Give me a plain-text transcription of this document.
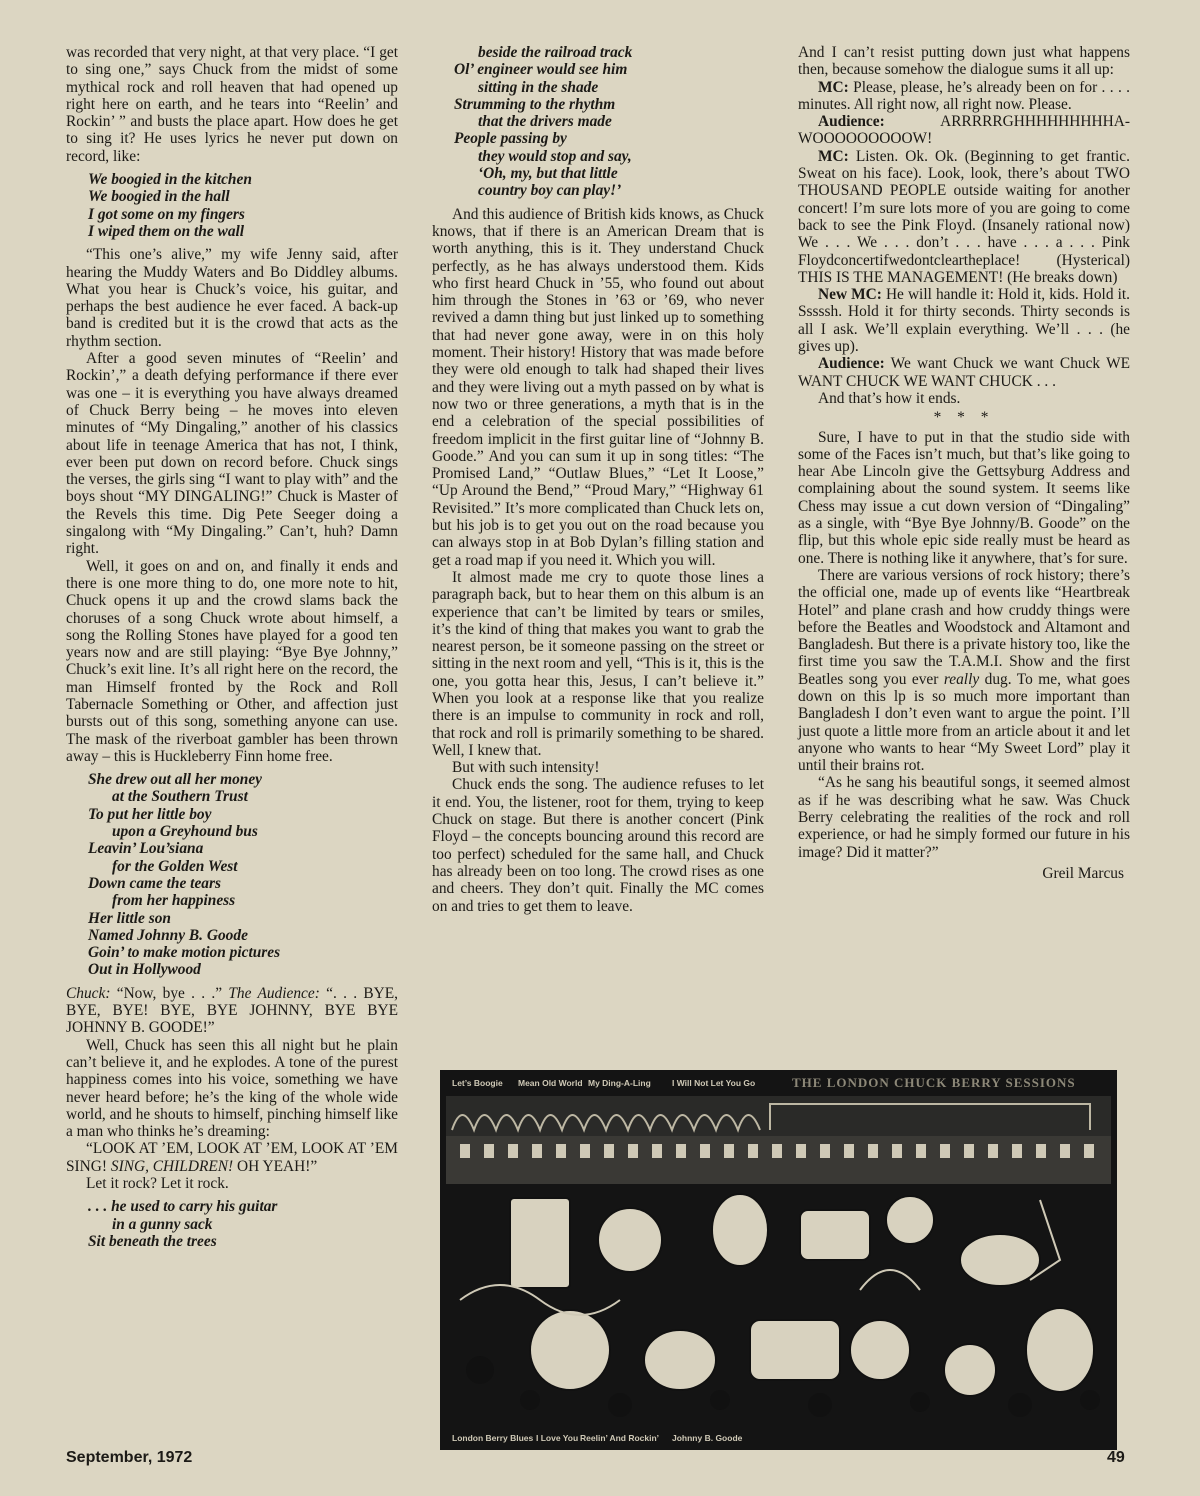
was recorded that very night, at that very place. “I get to sing one,” says Chuck from the midst of some mythical rock and roll heaven that had opened up right here on earth, and he tears into “Reelin’ and Rockin’ ” and busts the place apart. How does he get to sing it? He uses lyrics he never put down on record, like:

We boogied in the kitchen
We boogied in the hall
I got some on my fingers
I wiped them on the wall

“This one’s alive,” my wife Jenny said, after hearing the Muddy Waters and Bo Diddley albums. What you hear is Chuck’s voice, his guitar, and perhaps the best audience he ever faced. A back-up band is credited but it is the crowd that acts as the rhythm section.

After a good seven minutes of “Reelin’ and Rockin’,” a death defying performance if there ever was one – it is everything you have always dreamed of Chuck Berry being – he moves into eleven minutes of “My Dingaling,” another of his classics about life in teenage America that has not, I think, ever been put down on record before. Chuck sings the verses, the girls sing “I want to play with” and the boys shout “MY DINGALING!” Chuck is Master of the Revels this time. Dig Pete Seeger doing a singalong with “My Dingaling.” Can’t, huh? Damn right.

Well, it goes on and on, and finally it ends and there is one more thing to do, one more note to hit, Chuck opens it up and the crowd slams back the choruses of a song Chuck wrote about himself, a song the Rolling Stones have played for a good ten years now and are still playing: “Bye Bye Johnny,” Chuck’s exit line. It’s all right here on the record, the man Himself fronted by the Rock and Roll Tabernacle Something or Other, and affection just bursts out of this song, something anyone can use. The mask of the riverboat gambler has been thrown away – this is Huckleberry Finn home free.

She drew out all her money
at the Southern Trust
To put her little boy
upon a Greyhound bus
Leavin’ Lou’siana
for the Golden West
Down came the tears
from her happiness
Her little son
Named Johnny B. Goode
Goin’ to make motion pictures
Out in Hollywood

Chuck: “Now, bye . . .” The Audience: “. . . BYE, BYE, BYE! BYE, BYE JOHNNY, BYE BYE JOHNNY B. GOODE!”

Well, Chuck has seen this all night but he plain can’t believe it, and he explodes. A tone of the purest happiness comes into his voice, something we have never heard before; he’s the king of the whole wide world, and he shouts to himself, pinching himself like a man who thinks he’s dreaming:

“LOOK AT ’EM, LOOK AT ’EM, LOOK AT ’EM SING! SING, CHILDREN! OH YEAH!”

Let it rock? Let it rock.

. . . he used to carry his guitar
in a gunny sack
Sit beneath the trees
beside the railroad track
Ol’ engineer would see him
sitting in the shade
Strumming to the rhythm
that the drivers made
People passing by
they would stop and say,
‘Oh, my, but that little
country boy can play!’

And this audience of British kids knows, as Chuck knows, that if there is an American Dream that is worth anything, this is it. They understand Chuck perfectly, as he has always understood them. Kids who first heard Chuck in ’55, who found out about him through the Stones in ’63 or ’69, who never revived a damn thing but just linked up to something that had never gone away, were in on this holy moment. Their history! History that was made before they were old enough to talk had shaped their lives and they were living out a myth passed on by what is now two or three generations, a myth that is in the end a celebration of the special possibilities of freedom implicit in the first guitar line of “Johnny B. Goode.” And you can sum it up in song titles: “The Promised Land,” “Outlaw Blues,” “Let It Loose,” “Up Around the Bend,” “Proud Mary,” “Highway 61 Revisited.” It’s more complicated than Chuck lets on, but his job is to get you out on the road because you can always stop in at Bob Dylan’s filling station and get a road map if you need it. Which you will.

It almost made me cry to quote those lines a paragraph back, but to hear them on this album is an experience that can’t be limited by tears or smiles, it’s the kind of thing that makes you want to grab the nearest person, be it someone passing on the street or sitting in the next room and yell, “This is it, this is the one, you gotta hear this, Jesus, I can’t believe it.” When you look at a response like that you realize there is an impulse to community in rock and roll, that rock and roll is primarily something to be shared. Well, I knew that.

But with such intensity!

Chuck ends the song. The audience refuses to let it end. You, the listener, root for them, trying to keep Chuck on stage. But there is another concert (Pink Floyd – the concepts bouncing around this record are too perfect) scheduled for the same hall, and Chuck has already been on too long. The crowd rises as one and cheers. They don’t quit. Finally the MC comes on and tries to get them to leave.

And I can’t resist putting down just what happens then, because somehow the dialogue sums it all up:

MC: Please, please, he’s already been on for . . . . minutes. All right now, all right now. Please.

Audience: ARRRRRGHHHHHHHHHA-WOOOOOOOOOW!

MC: Listen. Ok. Ok. (Beginning to get frantic. Sweat on his face). Look, look, there’s about TWO THOUSAND PEOPLE outside waiting for another concert! I’m sure lots more of you are going to come back to see the Pink Floyd. (Insanely rational now) We . . . We . . . don’t . . . have . . . a . . . Pink Floydconcertifwedontcleartheplace! (Hysterical) THIS IS THE MANAGEMENT! (He breaks down)

New MC: He will handle it: Hold it, kids. Hold it. Sssssh. Hold it for thirty seconds. Thirty seconds is all I ask. We’ll explain everything. We’ll . . . (he gives up).

Audience: We want Chuck we want Chuck WE WANT CHUCK WE WANT CHUCK . . .

And that’s how it ends.

* * *

Sure, I have to put in that the studio side with some of the Faces isn’t much, but that’s like going to hear Abe Lincoln give the Gettsyburg Address and complaining about the sound system. It seems like Chess may issue a cut down version of “Dingaling” as a single, with “Bye Bye Johnny/B. Goode” on the flip, but this whole epic side really must be heard as one. There is nothing like it anywhere, that’s for sure.

There are various versions of rock history; there’s the official one, made up of events like “Heartbreak Hotel” and plane crash and how cruddy things were before the Beatles and Woodstock and Altamont and Bangladesh. But there is a private history too, like the first time you saw the T.A.M.I. Show and the first Beatles song you ever really dug. To me, what goes down on this lp is so much more important than Bangladesh I don’t even want to argue the point. I’ll just quote a little more from an article about it and let anyone who wants to hear “My Sweet Lord” play it until their brains rot.

“As he sang his beautiful songs, it seemed almost as if he was describing what he saw. Was Chuck Berry celebrating the realities of the rock and roll experience, or had he simply formed our future in his image? Did it matter?”

Greil Marcus

Let’s Boogie Mean Old World My Ding-A-Ling I Will Not Let You Go	THE LONDON CHUCK BERRY SESSIONS
London Berry Blues I Love You Reelin’ And Rockin’ Johnny B. Goode
September, 1972	49
